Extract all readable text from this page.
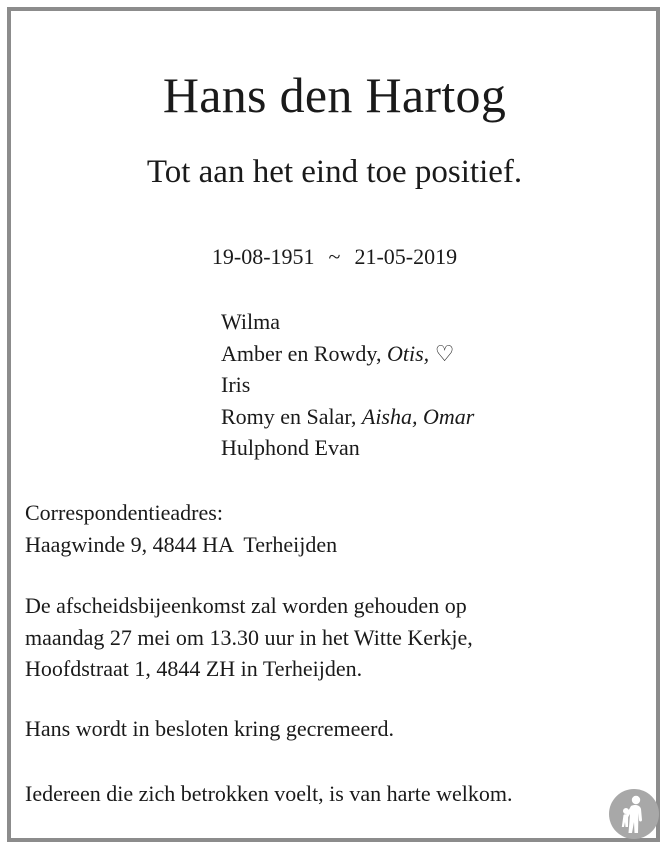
Hans den Hartog
Tot aan het eind toe positief.
19-08-1951 ~ 21-05-2019
Wilma
Amber en Rowdy, Otis, ♡
Iris
Romy en Salar, Aisha, Omar
Hulphond Evan
Correspondentieadres:
Haagwinde 9, 4844 HA  Terheijden
De afscheidsbijeenkomst zal worden gehouden op
maandag 27 mei om 13.30 uur in het Witte Kerkje,
Hoofdstraat 1, 4844 ZH in Terheijden.
Hans wordt in besloten kring gecremeerd.
Iedereen die zich betrokken voelt, is van harte welkom.
